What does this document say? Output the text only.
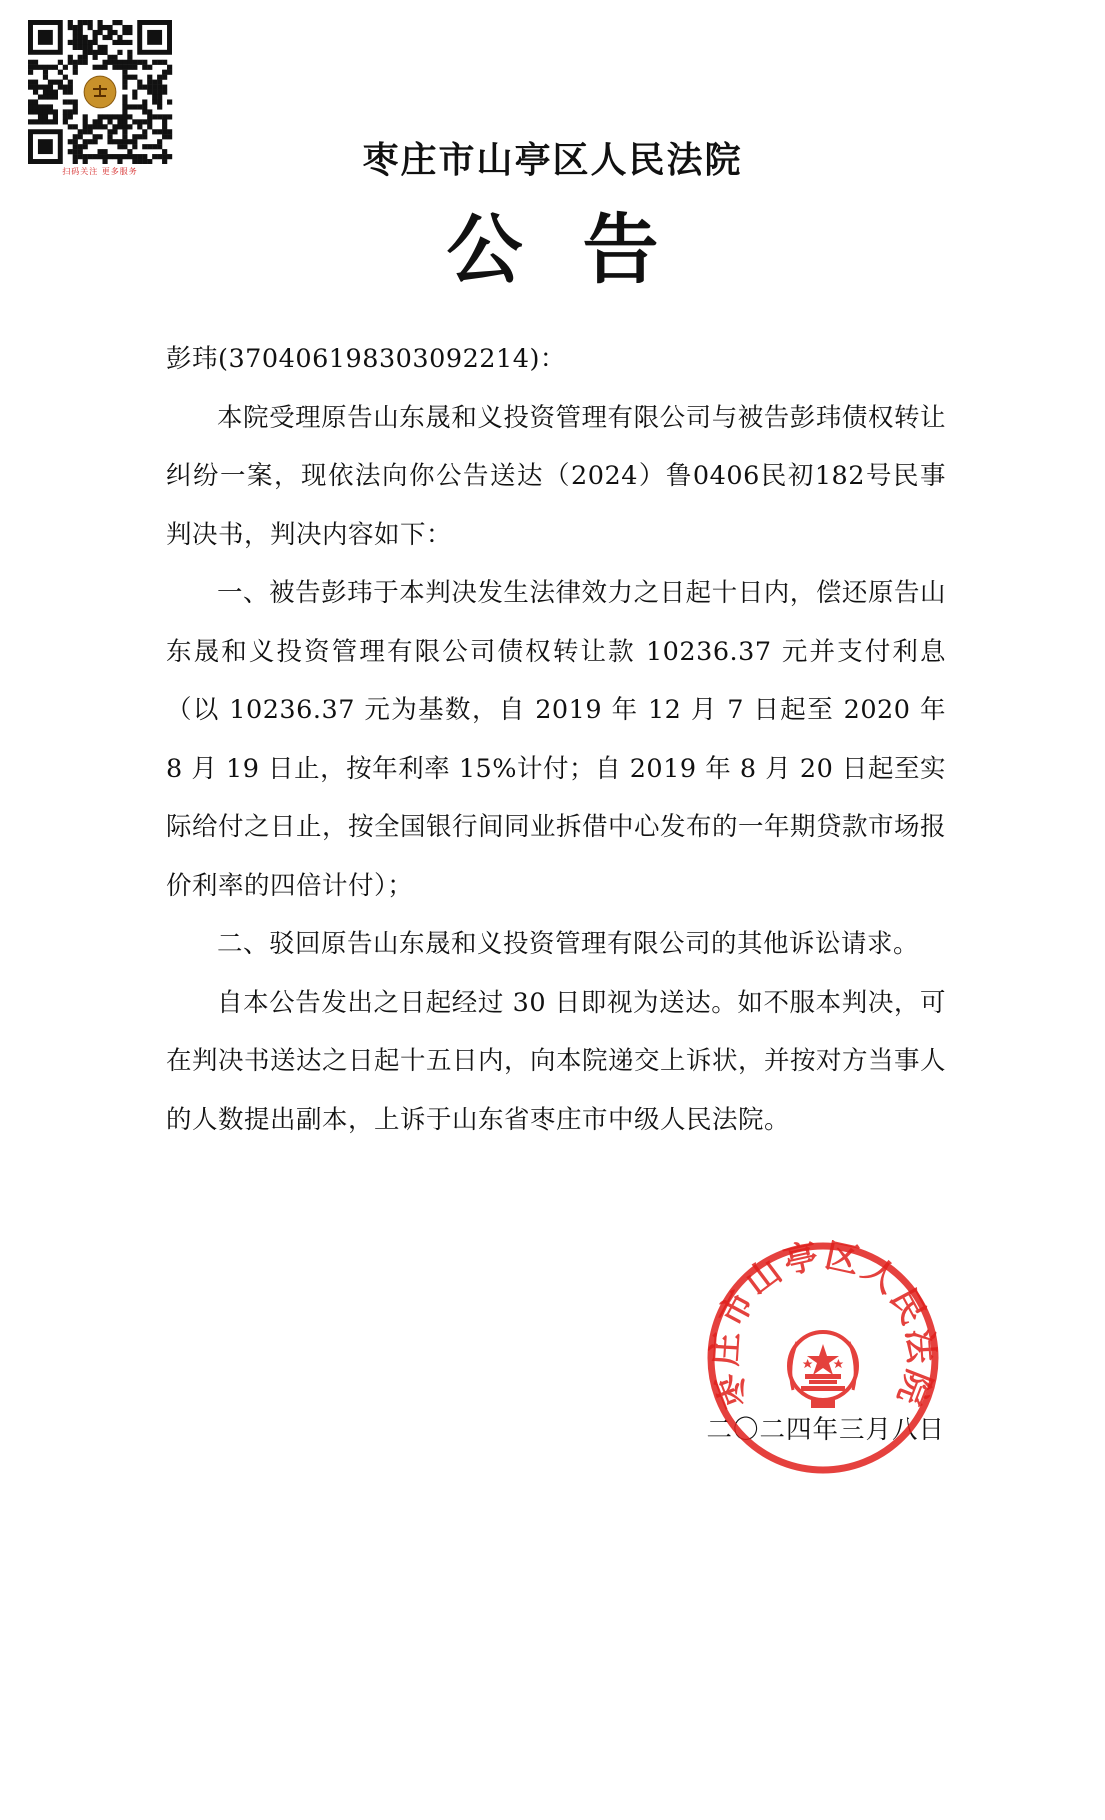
扫码关注 更多服务	枣庄市山亭区人民法院
公告

彭玮(370406198303092214)：

本院受理原告山东晟和义投资管理有限公司与被告彭玮债权转让纠纷一案，现依法向你公告送达（2024）鲁0406民初182号民事判决书，判决内容如下：

一、被告彭玮于本判决发生法律效力之日起十日内，偿还原告山东晟和义投资管理有限公司债权转让款 10236.37 元并支付利息（以 10236.37 元为基数，自 2019 年 12 月 7 日起至 2020 年 8 月 19 日止，按年利率 15%计付；自 2019 年 8 月 20 日起至实际给付之日止，按全国银行间同业拆借中心发布的一年期贷款市场报价利率的四倍计付）；

二、驳回原告山东晟和义投资管理有限公司的其他诉讼请求。

自本公告发出之日起经过 30 日即视为送达。如不服本判决，可在判决书送达之日起十五日内，向本院递交上诉状，并按对方当事人的人数提出副本，上诉于山东省枣庄市中级人民法院。

二〇二四年三月八日
枣庄市山亭区人民法院
